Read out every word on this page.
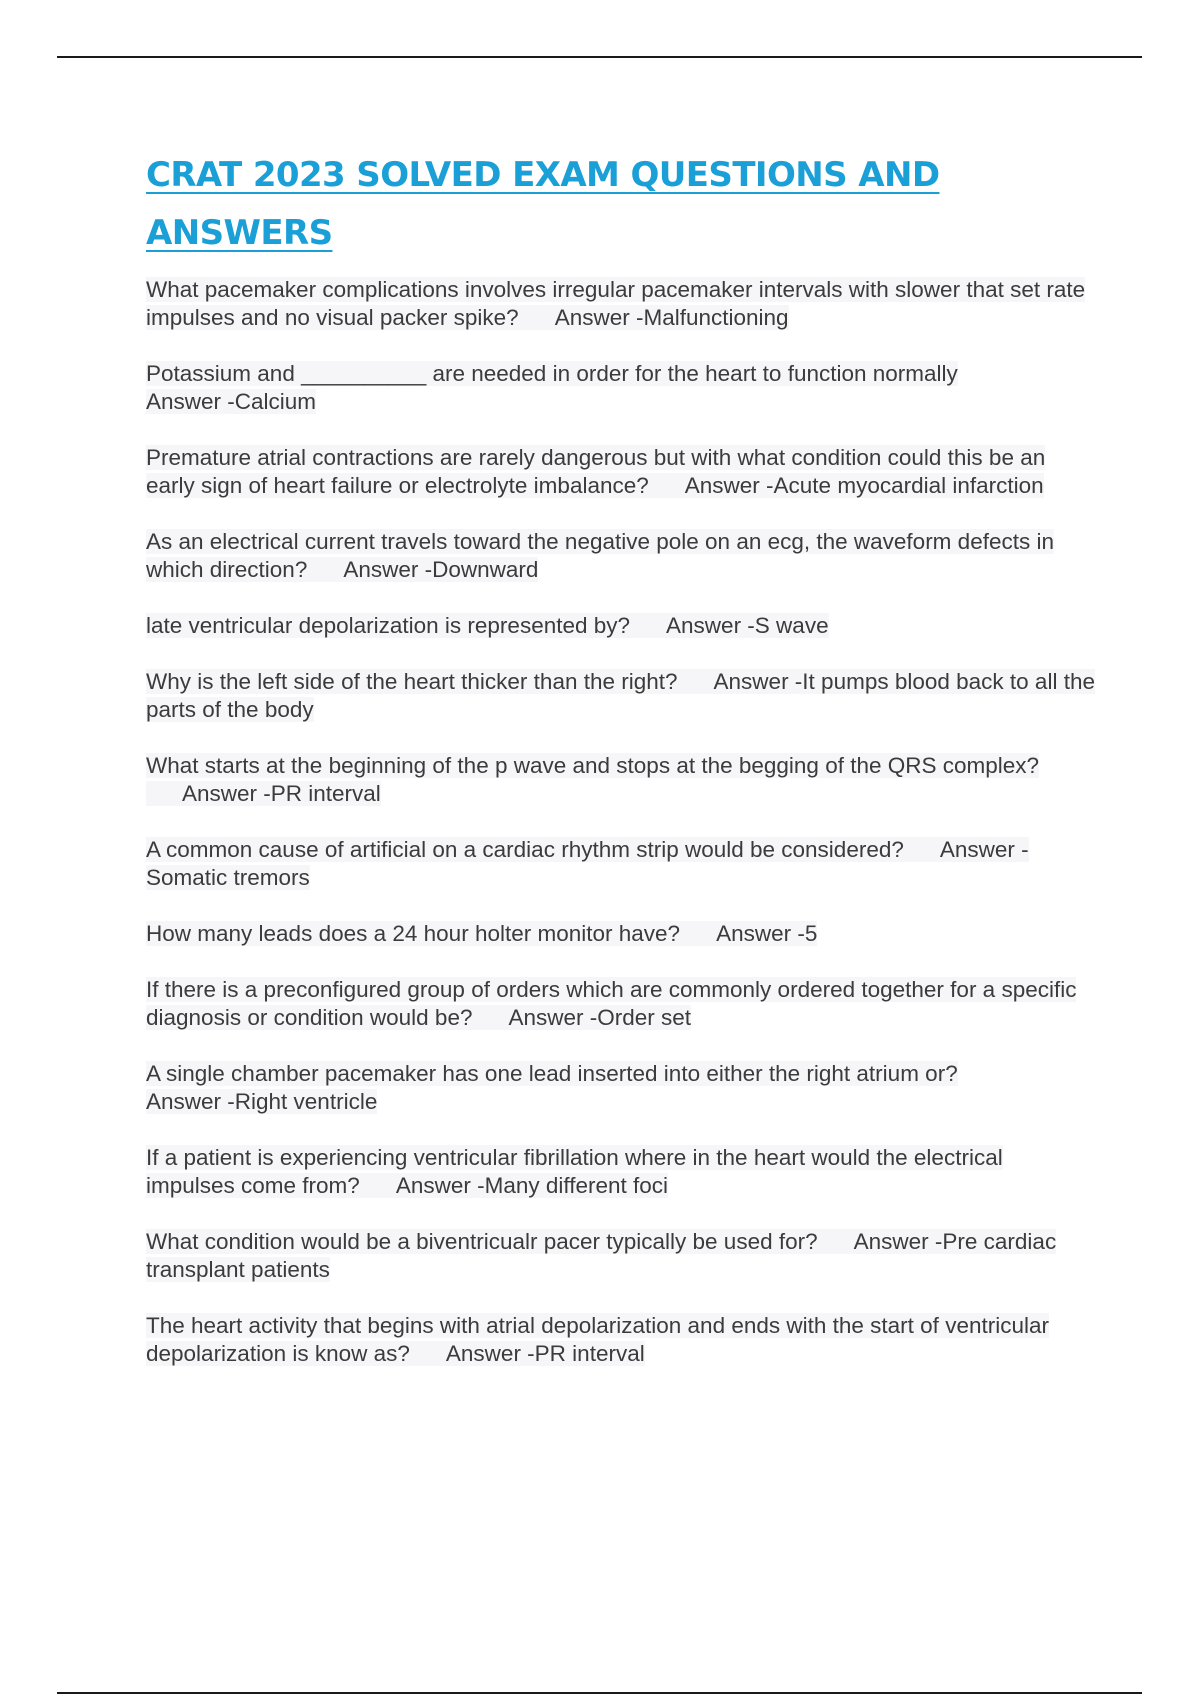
CRAT 2023 SOLVED EXAM QUESTIONS AND ANSWERS
What pacemaker complications involves irregular pacemaker intervals with slower that set rate impulses and no visual packer spike? Answer -Malfunctioning
Potassium and __________ are needed in order for the heart to function normally
Answer -Calcium
Premature atrial contractions are rarely dangerous but with what condition could this be an early sign of heart failure or electrolyte imbalance? Answer -Acute myocardial infarction
As an electrical current travels toward the negative pole on an ecg, the waveform defects in which direction? Answer -Downward
late ventricular depolarization is represented by? Answer -S wave
Why is the left side of the heart thicker than the right? Answer -It pumps blood back to all the parts of the body
What starts at the beginning of the p wave and stops at the begging of the QRS complex?Answer -PR interval
A common cause of artificial on a cardiac rhythm strip would be considered? Answer -Somatic tremors
How many leads does a 24 hour holter monitor have? Answer -5
If there is a preconfigured group of orders which are commonly ordered together for a specific diagnosis or condition would be? Answer -Order set
A single chamber pacemaker has one lead inserted into either the right atrium or?
Answer -Right ventricle
If a patient is experiencing ventricular fibrillation where in the heart would the electrical impulses come from? Answer -Many different foci
What condition would be a biventricualr pacer typically be used for? Answer -Pre cardiac transplant patients
The heart activity that begins with atrial depolarization and ends with the start of ventricular depolarization is know as? Answer -PR interval
